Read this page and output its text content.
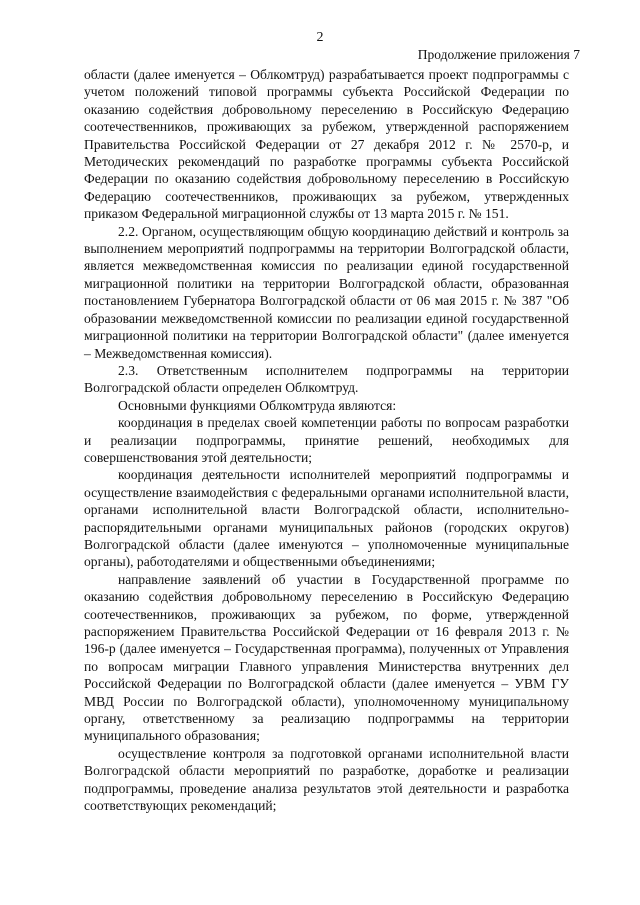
2
Продолжение приложения 7

области (далее именуется – Облкомтруд) разрабатывается проект подпрограммы с учетом положений типовой программы субъекта Российской Федерации по оказанию содействия добровольному переселению в Российскую Федерацию соотечественников, проживающих за рубежом, утвержденной распоряжением Правительства Российской Федерации от 27 декабря 2012 г. № 2570-р, и Методических рекомендаций по разработке программы субъекта Российской Федерации по оказанию содействия добровольному переселению в Российскую Федерацию соотечественников, проживающих за рубежом, утвержденных приказом Федеральной миграционной службы от 13 марта 2015 г. № 151.

2.2. Органом, осуществляющим общую координацию действий и контроль за выполнением мероприятий подпрограммы на территории Волгоградской области, является межведомственная комиссия по реализации единой государственной миграционной политики на территории Волгоградской области, образованная постановлением Губернатора Волгоградской области от 06 мая 2015 г. № 387 "Об образовании межведомственной комиссии по реализации единой государственной миграционной политики на территории Волгоградской области" (далее именуется – Межведомственная комиссия).

2.3. Ответственным исполнителем подпрограммы на территории Волгоградской области определен Облкомтруд.

Основными функциями Облкомтруда являются:

координация в пределах своей компетенции работы по вопросам разработки и реализации подпрограммы, принятие решений, необходимых для совершенствования этой деятельности;

координация деятельности исполнителей мероприятий подпрограммы и осуществление взаимодействия с федеральными органами исполнительной власти, органами исполнительной власти Волгоградской области, исполнительно-распорядительными органами муниципальных районов (городских округов) Волгоградской области (далее именуются – уполномоченные муниципальные органы), работодателями и общественными объединениями;

направление заявлений об участии в Государственной программе по оказанию содействия добровольному переселению в Российскую Федерацию соотечественников, проживающих за рубежом, по форме, утвержденной распоряжением Правительства Российской Федерации от 16 февраля 2013 г. № 196-р (далее именуется – Государственная программа), полученных от Управления по вопросам миграции Главного управления Министерства внутренних дел Российской Федерации по Волгоградской области (далее именуется – УВМ ГУ МВД России по Волгоградской области), уполномоченному муниципальному органу, ответственному за реализацию подпрограммы на территории муниципального образования;

осуществление контроля за подготовкой органами исполнительной власти Волгоградской области мероприятий по разработке, доработке и реализации подпрограммы, проведение анализа результатов этой деятельности и разработка соответствующих рекомендаций;
